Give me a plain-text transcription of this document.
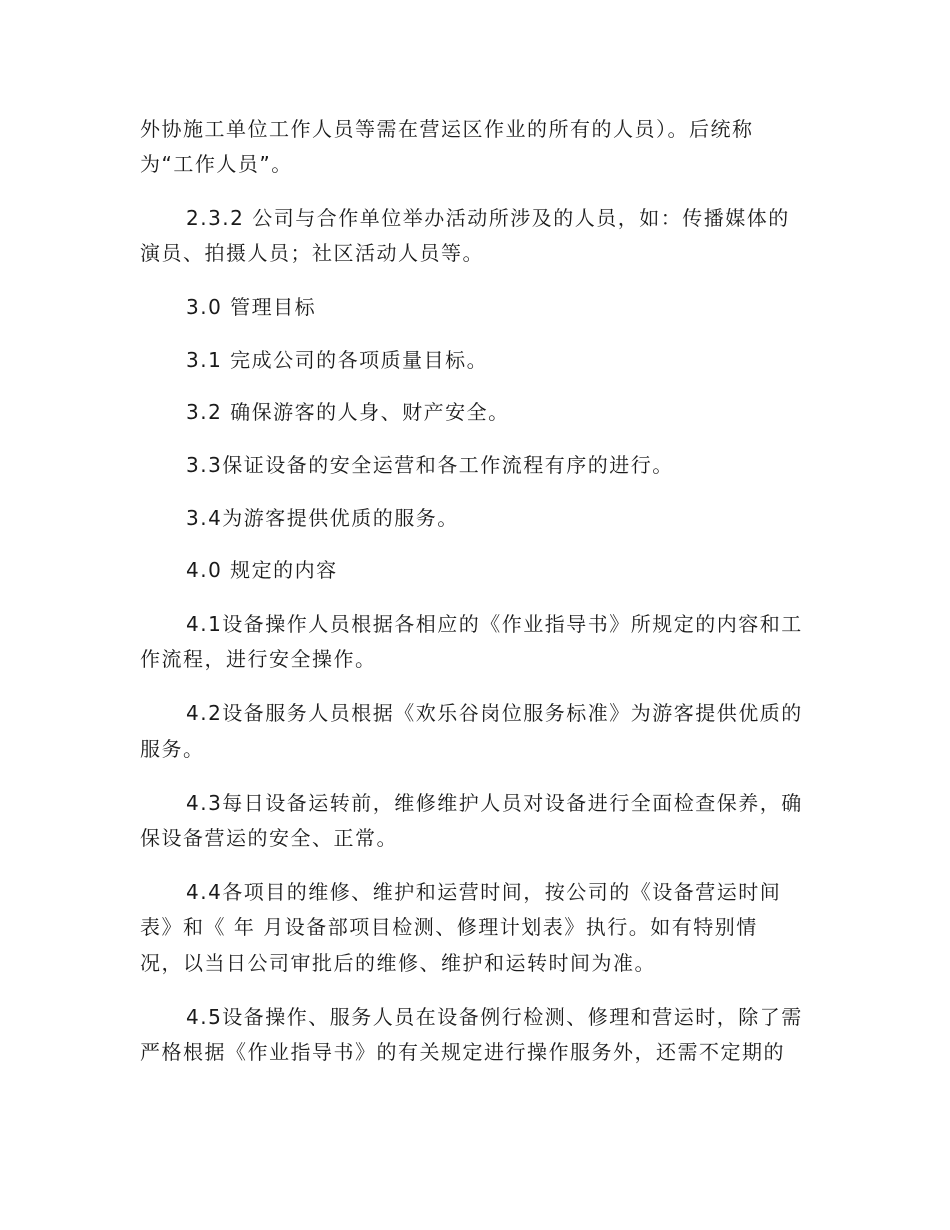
外协施工单位工作人员等需在营运区作业的所有的人员）。后统称
为“工作人员”。
2.3.2 公司与合作单位举办活动所涉及的人员，如：传播媒体的
演员、拍摄人员；社区活动人员等。
3.0 管理目标
3.1 完成公司的各项质量目标。
3.2 确保游客的人身、财产安全。
3.3保证设备的安全运营和各工作流程有序的进行。
3.4为游客提供优质的服务。
4.0 规定的内容
4.1设备操作人员根据各相应的《作业指导书》所规定的内容和工
作流程，进行安全操作。
4.2设备服务人员根据《欢乐谷岗位服务标准》为游客提供优质的
服务。
4.3每日设备运转前，维修维护人员对设备进行全面检查保养，确
保设备营运的安全、正常。
4.4各项目的维修、维护和运营时间，按公司的《设备营运时间
表》和《 年 月设备部项目检测、修理计划表》执行。如有特别情
况，以当日公司审批后的维修、维护和运转时间为准。
4.5设备操作、服务人员在设备例行检测、修理和营运时，除了需
严格根据《作业指导书》的有关规定进行操作服务外，还需不定期的
